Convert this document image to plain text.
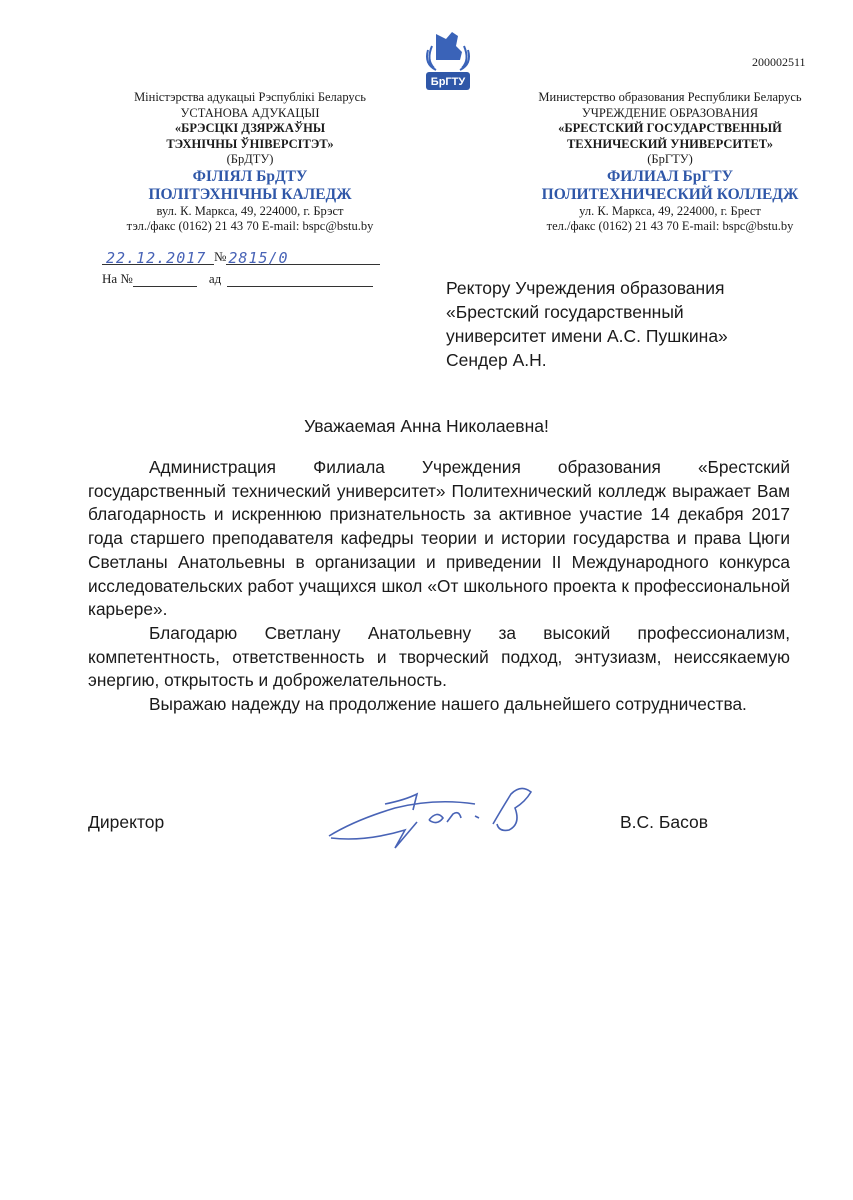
200002511
БрГТУ
Міністэрства адукацыі Рэспублікі Беларусь
УСТАНОВА АДУКАЦЫІ
«БРЭСЦКІ ДЗЯРЖАЎНЫ
ТЭХНІЧНЫ ЎНІВЕРСІТЭТ»
(БрДТУ)
ФІЛІЯЛ БрДТУ
ПОЛІТЭХНІЧНЫ КАЛЕДЖ
вул. К. Маркса, 49, 224000, г. Брэст
тэл./факс (0162) 21 43 70 E-mail: bspc@bstu.by
Министерство образования Республики Беларусь
УЧРЕЖДЕНИЕ ОБРАЗОВАНИЯ
«БРЕСТСКИЙ ГОСУДАРСТВЕННЫЙ
ТЕХНИЧЕСКИЙ УНИВЕРСИТЕТ»
(БрГТУ)
ФИЛИАЛ БрГТУ
ПОЛИТЕХНИЧЕСКИЙ КОЛЛЕДЖ
ул. К. Маркса, 49, 224000, г. Брест
тел./факс (0162) 21 43 70 E-mail: bspc@bstu.by
22.12.2017 № 2815/0
На №	ад	Ректору Учреждения образования
«Брестский государственный
университет имени А.С. Пушкина»
Сендер А.Н.
Уважаемая Анна Николаевна!

Администрация Филиала Учреждения образования «Брестский государственный технический университет» Политехнический колледж выражает Вам благодарность и искреннюю признательность за активное участие 14 декабря 2017 года старшего преподавателя кафедры теории и истории государства и права Цюги Светланы Анатольевны в организации и приведении II Международного конкурса исследовательских работ учащихся школ «От школьного проекта к профессиональной карьере».

Благодарю Светлану Анатольевну за высокий профессионализм, компетентность, ответственность и творческий подход, энтузиазм, неиссякаемую энергию, открытость и доброжелательность.

Выражаю надежду на продолжение нашего дальнейшего сотрудничества.

Директор	В.С. Басов
